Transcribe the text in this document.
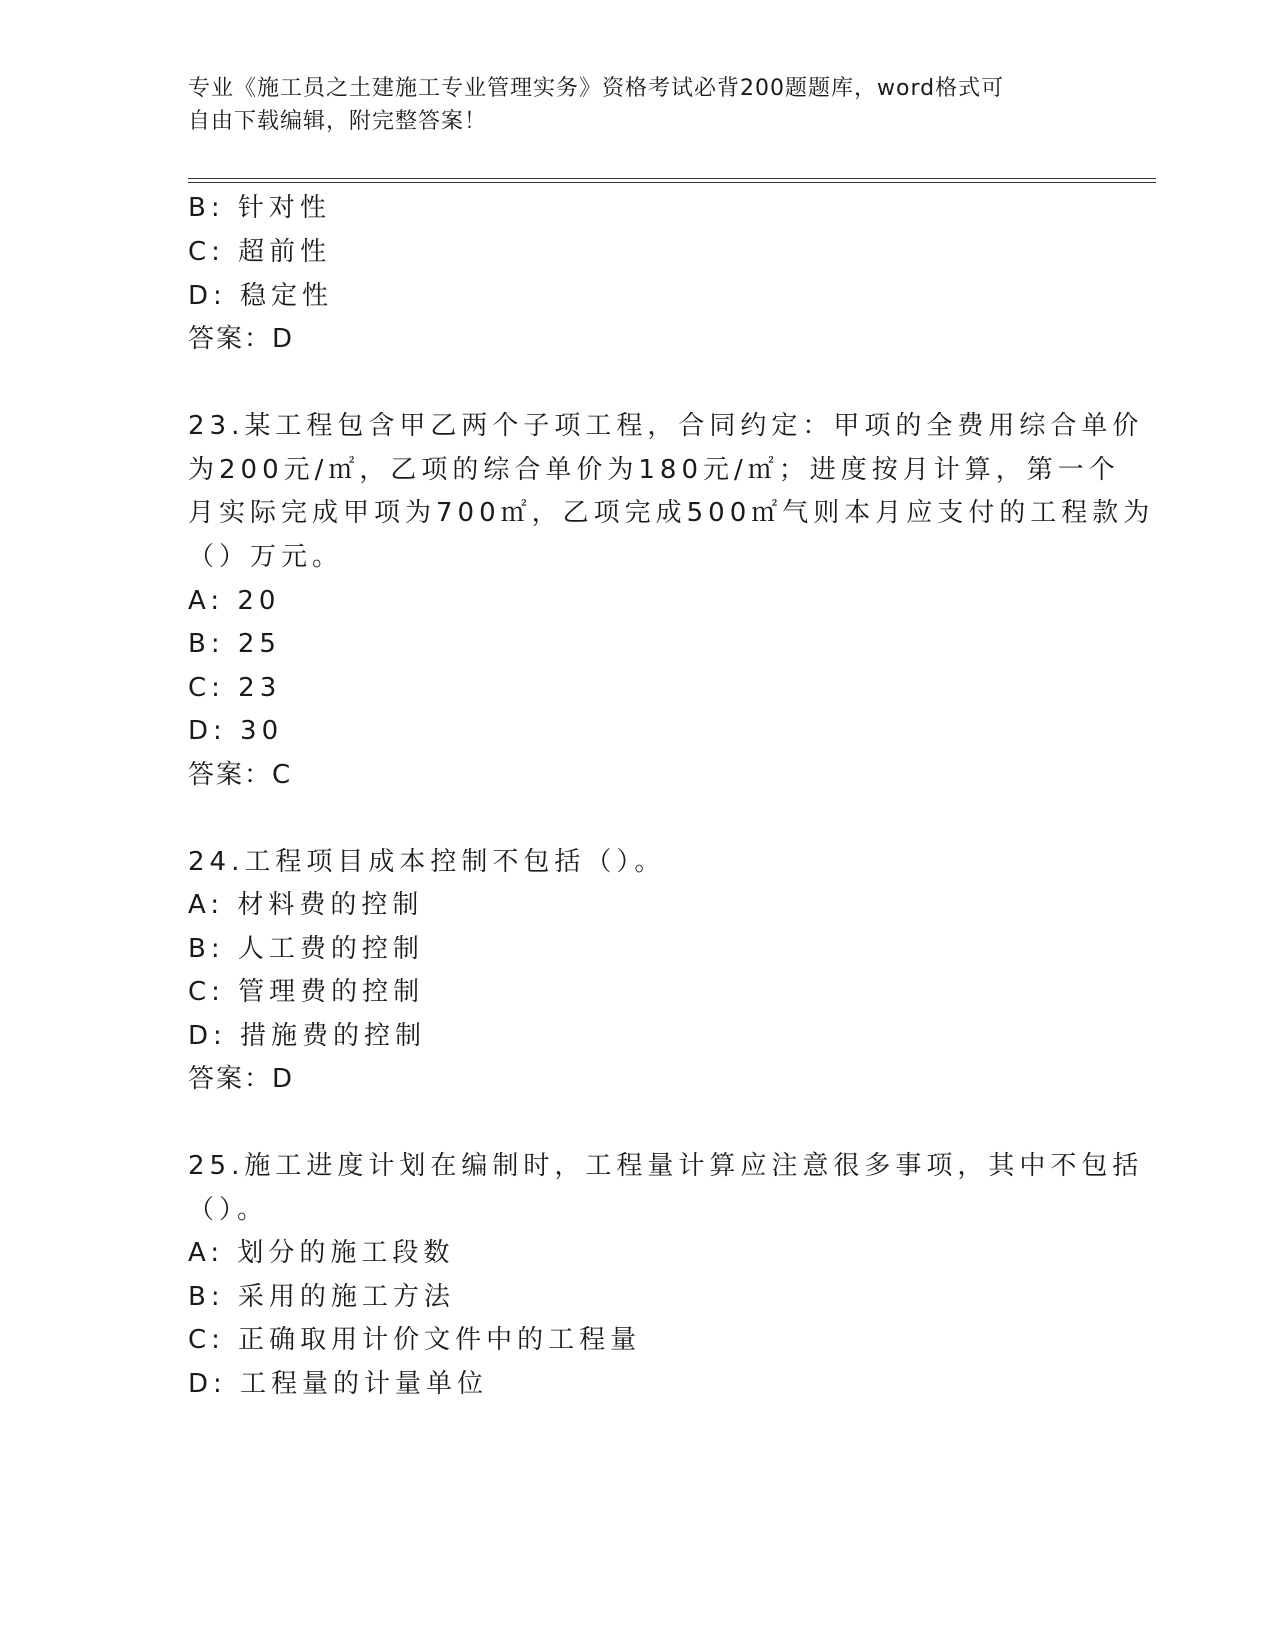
专业《施工员之土建施工专业管理实务》资格考试必背200题题库，word格式可
自由下载编辑，附完整答案！
B: 针对性
C: 超前性
D: 稳定性
答案：D
23.某工程包含甲乙两个子项工程，合同约定：甲项的全费用综合单价
为200元/㎡，乙项的综合单价为180元/㎡；进度按月计算，第一个
月实际完成甲项为700㎡，乙项完成500㎡气则本月应支付的工程款为
（）万元。
A: 20
B: 25
C: 23
D: 30
答案：C
24.工程项目成本控制不包括（）。
A: 材料费的控制
B: 人工费的控制
C: 管理费的控制
D: 措施费的控制
答案：D
25.施工进度计划在编制时，工程量计算应注意很多事项，其中不包括
（）。
A: 划分的施工段数
B: 采用的施工方法
C: 正确取用计价文件中的工程量
D: 工程量的计量单位
